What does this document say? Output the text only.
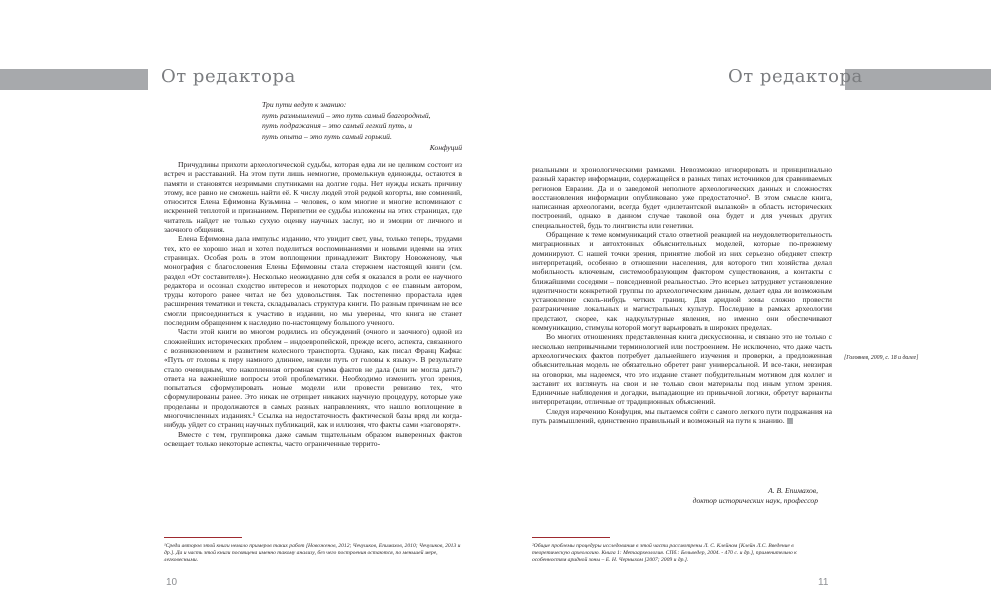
От редактора
Три пути ведут к знанию:
путь размышлений – это путь самый благородный,
путь подражания – это самый легкий путь, и
путь опыта – это путь самый горький.
Конфуций

Причудливы прихоти археологической судьбы, которая едва ли не целиком состоит из встреч и расставаний. На этом пути лишь немногие, промелькнув единожды, остаются в памяти и становятся незримыми спутниками на долгие годы. Нет нужды искать причину этому, все равно не сможешь найти её. К числу людей этой редкой когорты, вне сомнений, относится Елена Ефимовна Кузьмина – человек, о ком многие и многие вспоминают с искренней теплотой и признанием. Перипетии ее судьбы изложены на этих страницах, где читатель найдет не только сухую оценку научных заслуг, но и эмоции от личного и заочного общения.

Елена Ефимовна дала импульс изданию, что увидит свет, увы, только теперь, трудами тех, кто ее хорошо знал и хотел поделиться воспоминаниями и новыми идеями на этих страницах. Особая роль в этом воплощении принадлежит Виктору Новоженову, чья монография с благословения Елены Ефимовны стала стержнем настоящей книги (см. раздел «От составителя»). Несколько неожиданно для себя я оказался в роли ее научного редактора и осознал сходство интересов и некоторых подходов с ее главным автором, труды которого ранее читал не без удовольствия. Так постепенно прорастала идея расширения тематики и текста, складывалась структура книги. По разным причинам не все смогли присоединиться к участию в издании, но мы уверены, что книга не станет последним обращением к наследию по-настоящему большого ученого.

Части этой книги во многом родились из обсуждений (очного и заочного) одной из сложнейших исторических проблем – индоевропейской, прежде всего, аспекта, связанного с возникновением и развитием колесного транспорта. Однако, как писал Франц Кафка: «Путь от головы к перу намного длиннее, нежели путь от головы к языку». В результате стало очевидным, что накопленная огромная сумма фактов не дала (или не могла дать?) ответа на важнейшие вопросы этой проблематики. Необходимо изменить угол зрения, попытаться сформулировать новые модели или провести ревизию тех, что сформулированы ранее. Это никак не отрицает никаких научную процедуру, которые уже проделаны и продолжаются в самых разных направлениях, что нашло воплощение в многочисленных изданиях.¹ Ссылка на недостаточность фактической базы вряд ли когда-нибудь уйдет со страниц научных публикаций, как и иллюзия, что факты сами «заговорят».

Вместе с тем, группировка даже самым тщательным образом выверенных фактов освещает только некоторые аспекты, часто ограниченные террито-

¹Среди авторов этой книги немало примеров таких работ [Новоженов, 2012; Чечушков, Епимахов, 2010; Чечушков, 2013 и др.]. Да и часть этой книги посвящена именно такому анализу, без чего построения остаются, по меньшей мере, легковесными.
10
От редактора

риальными и хронологическими рамками. Невозможно игнорировать и принципиально разный характер информации, содержащейся в разных типах источников для сравниваемых регионов Евразии. Да и о заведомой неполноте археологических данных и сложностях восстановления информации опубликовано уже предостаточно². В этом смысле книга, написанная археологами, всегда будет «дилетантской вылазкой» в область исторических построений, однако в данном случае таковой она будет и для ученых других специальностей, будь то лингвисты или генетики.

Обращение к теме коммуникаций стало ответной реакцией на неудовлетворительность миграционных и автохтонных объяснительных моделей, которые по-прежнему доминируют. С нашей точки зрения, принятие любой из них серьезно обедняет спектр интерпретаций, особенно в отношении населения, для которого тип хозяйства делал мобильность ключевым, системообразующим фактором существования, а контакты с ближайшими соседями – повседневной реальностью. Это всерьез затрудняет установление идентичности конкретной группы по археологическим данным, делает едва ли возможным установление сколь-нибудь четких границ. Для аридной зоны сложно провести разграничение локальных и магистральных культур. Последние в рамках археологии предстают, скорее, как надкультурные явления, но именно они обеспечивают коммуникацию, стимулы которой могут варьировать в широких пределах.

Во многих отношениях представленная книга дискуссионна, и связано это не только с несколько непривычными терминологией или построением. Не исключено, что даже часть археологических фактов потребует дальнейшего изучения и проверки, а предложенная объяснительная модель не обязательно обретет ранг универсальной. И все-таки, невзирая на оговорки, мы надеемся, что это издание станет побудительным мотивом для коллег и заставит их взглянуть на свои и не только свои материалы под иным углом зрения. Единичные наблюдения и догадки, выпадающие из привычной логики, обретут варианты интерпретации, отличные от традиционных объяснений.

Следуя изречению Конфуция, мы пытаемся сойти с самого легкого пути подражания на путь размышлений, единственно правильный и возможный на пути к знанию.

А. В. Епимахов,
доктор исторических наук, профессор
[Головнев, 2009, с. 18 и далее]
²Общие проблемы процедуры исследования в этой части рассмотрены Л. С. Клейном [Клейн Л.С. Введение в теоретическую археологию. Книга 1: Метаархеология. СПб.: Бельведер, 2004. - 470 с. и др.], применительно к особенностям аридной зоны – Е. Н. Черныхом [2007; 2009 и др.].
11
